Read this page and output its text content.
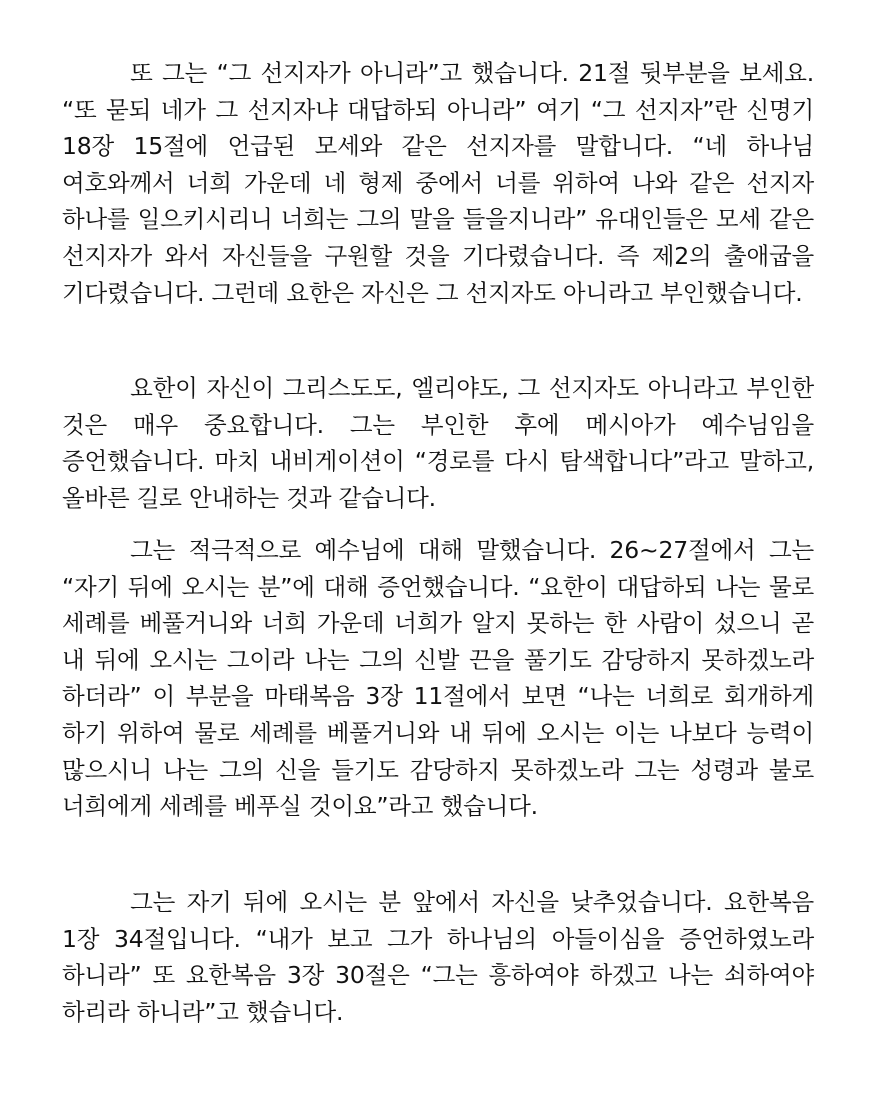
또 그는 “그 선지자가 아니라”고 했습니다. 21절 뒷부분을 보세요. “또 묻되 네가 그 선지자냐 대답하되 아니라” 여기 “그 선지자”란 신명기 18장 15절에 언급된 모세와 같은 선지자를 말합니다. “네 하나님 여호와께서 너희 가운데 네 형제 중에서 너를 위하여 나와 같은 선지자 하나를 일으키시리니 너희는 그의 말을 들을지니라” 유대인들은 모세 같은 선지자가 와서 자신들을 구원할 것을 기다렸습니다. 즉 제2의 출애굽을 기다렸습니다. 그런데 요한은 자신은 그 선지자도 아니라고 부인했습니다.

요한이 자신이 그리스도도, 엘리야도, 그 선지자도 아니라고 부인한 것은 매우 중요합니다. 그는 부인한 후에 메시아가 예수님임을 증언했습니다. 마치 내비게이션이 “경로를 다시 탐색합니다”라고 말하고, 올바른 길로 안내하는 것과 같습니다.

그는 적극적으로 예수님에 대해 말했습니다. 26~27절에서 그는 “자기 뒤에 오시는 분”에 대해 증언했습니다. “요한이 대답하되 나는 물로 세례를 베풀거니와 너희 가운데 너희가 알지 못하는 한 사람이 섰으니 곧 내 뒤에 오시는 그이라 나는 그의 신발 끈을 풀기도 감당하지 못하겠노라 하더라” 이 부분을 마태복음 3장 11절에서 보면 “나는 너희로 회개하게 하기 위하여 물로 세례를 베풀거니와 내 뒤에 오시는 이는 나보다 능력이 많으시니 나는 그의 신을 들기도 감당하지 못하겠노라 그는 성령과 불로 너희에게 세례를 베푸실 것이요”라고 했습니다.

그는 자기 뒤에 오시는 분 앞에서 자신을 낮추었습니다. 요한복음 1장 34절입니다. “내가 보고 그가 하나님의 아들이심을 증언하였노라 하니라” 또 요한복음 3장 30절은 “그는 흥하여야 하겠고 나는 쇠하여야 하리라 하니라”고 했습니다.
